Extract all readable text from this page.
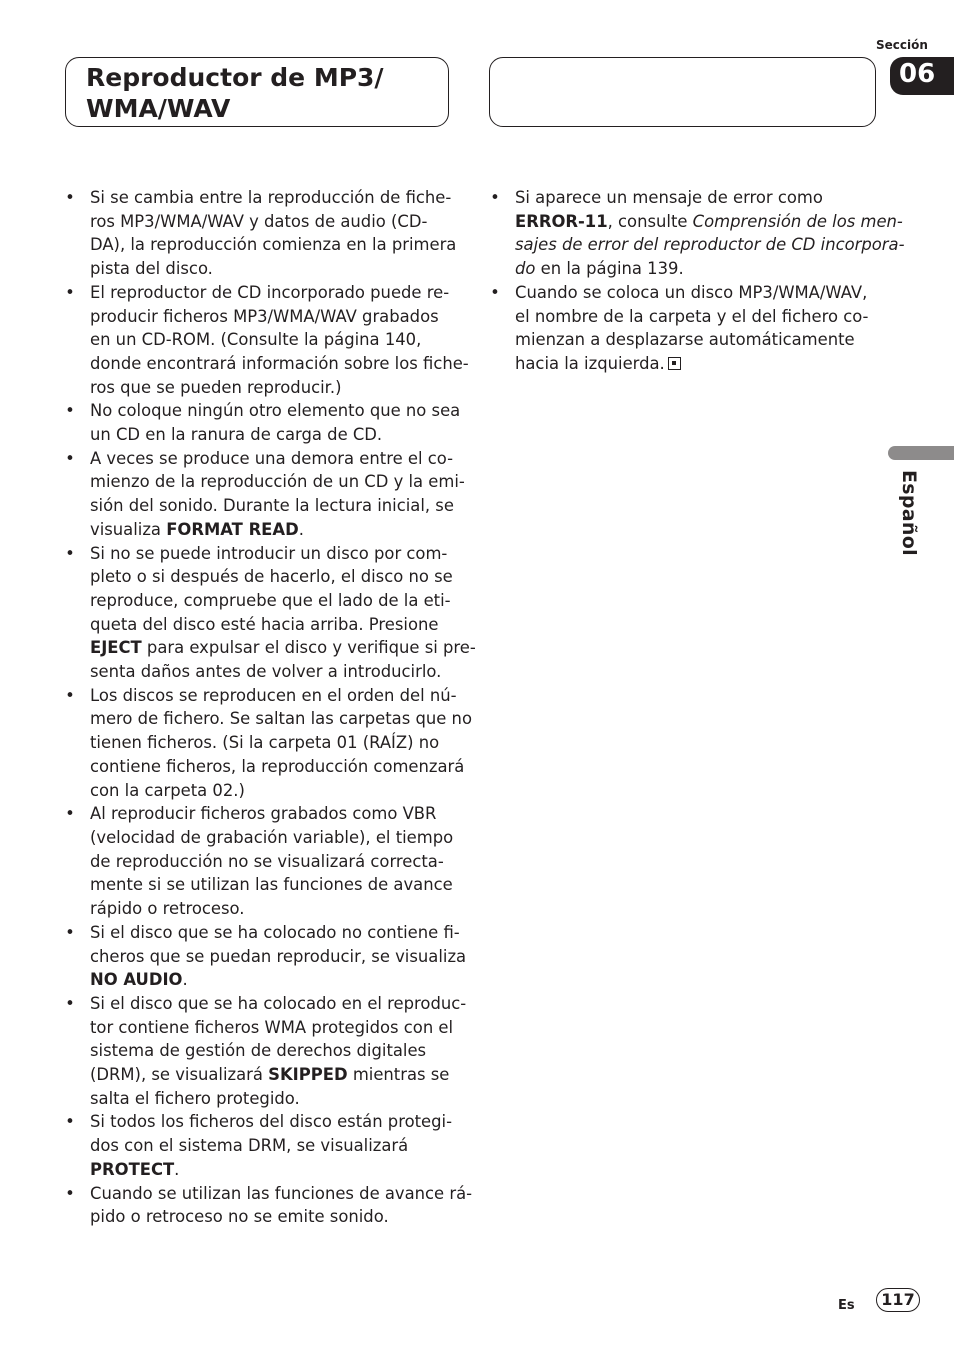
Reproductor de MP3/
WMA/WAV
Sección
06
Español
• Si se cambia entre la reproducción de fiche-
ros MP3/WMA/WAV y datos de audio (CD-
DA), la reproducción comienza en la primera
pista del disco.
• El reproductor de CD incorporado puede re-
producir ficheros MP3/WMA/WAV grabados
en un CD-ROM. (Consulte la página 140,
donde encontrará información sobre los fiche-
ros que se pueden reproducir.)
• No coloque ningún otro elemento que no sea
un CD en la ranura de carga de CD.
• A veces se produce una demora entre el co-
mienzo de la reproducción de un CD y la emi-
sión del sonido. Durante la lectura inicial, se
visualiza FORMAT READ.
• Si no se puede introducir un disco por com-
pleto o si después de hacerlo, el disco no se
reproduce, compruebe que el lado de la eti-
queta del disco esté hacia arriba. Presione
EJECT para expulsar el disco y verifique si pre-
senta daños antes de volver a introducirlo.
• Los discos se reproducen en el orden del nú-
mero de fichero. Se saltan las carpetas que no
tienen ficheros. (Si la carpeta 01 (RAÍZ) no
contiene ficheros, la reproducción comenzará
con la carpeta 02.)
• Al reproducir ficheros grabados como VBR
(velocidad de grabación variable), el tiempo
de reproducción no se visualizará correcta-
mente si se utilizan las funciones de avance
rápido o retroceso.
• Si el disco que se ha colocado no contiene fi-
cheros que se puedan reproducir, se visualiza
NO AUDIO.
• Si el disco que se ha colocado en el reproduc-
tor contiene ficheros WMA protegidos con el
sistema de gestión de derechos digitales
(DRM), se visualizará SKIPPED mientras se
salta el fichero protegido.
• Si todos los ficheros del disco están protegi-
dos con el sistema DRM, se visualizará
PROTECT.
• Cuando se utilizan las funciones de avance rá-
pido o retroceso no se emite sonido.
• Si aparece un mensaje de error como
ERROR-11, consulte Comprensión de los men-
sajes de error del reproductor de CD incorpora-
do en la página 139.
• Cuando se coloca un disco MP3/WMA/WAV,
el nombre de la carpeta y el del fichero co-
mienzan a desplazarse automáticamente
hacia la izquierda.
Es	117
